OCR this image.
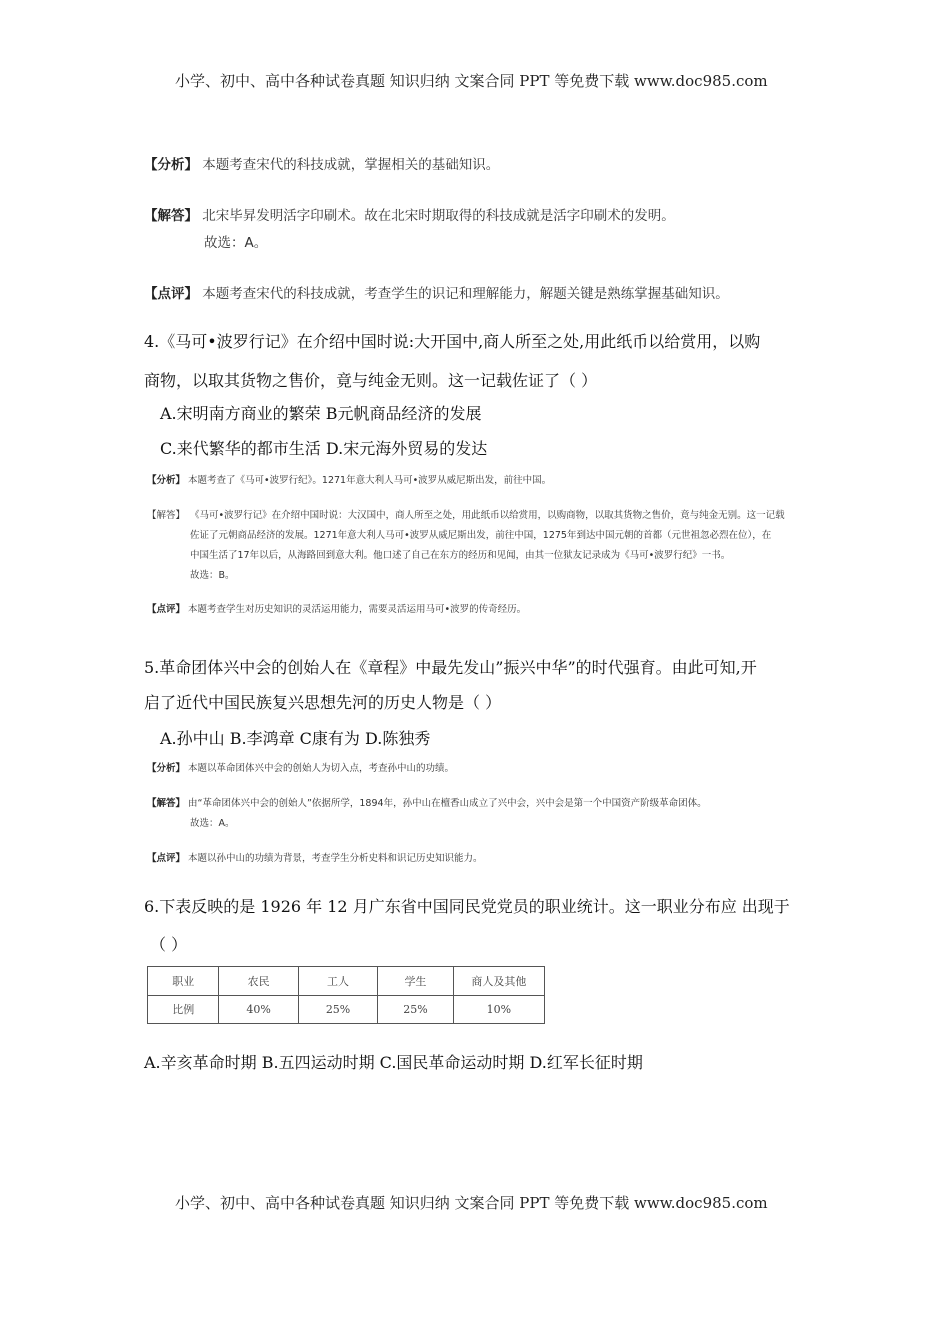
小学、初中、高中各种试卷真题 知识归纳 文案合同 PPT 等免费下载 www.doc985.com
【分析】 本题考查宋代的科技成就，掌握相关的基础知识。
【解答】 北宋毕昇发明活字印刷术。故在北宋时期取得的科技成就是活字印刷术的发明。
故选：A。
【点评】 本题考查宋代的科技成就，考查学生的识记和理解能力，解题关键是熟练掌握基础知识。
4.《马可•波罗行记》在介绍中国时说:大开国中,商人所至之处,用此纸币以给赏用，以购
商物，以取其货物之售价，竟与纯金无则。这一记载佐证了（ ）
A.宋明南方商业的繁荣 B元帆商品经济的发展
C.来代繁华的都市生活 D.宋元海外贸易的发达
【分析】 本题考查了《马可•波罗行纪》。1271年意大利人马可•波罗从威尼斯出发，前往中国。
【解答】 《马可•波罗行记》在介绍中国时说：大汉国中，商人所至之处，用此纸币以给赏用，以购商物，以取其货物之售价，竟与纯金无别。这一记载
佐证了元朝商品经济的发展。1271年意大利人马可•波罗从威尼斯出发，前往中国，1275年到达中国元朝的首都（元世祖忽必烈在位），在
中国生活了17年以后，从海路回到意大利。他口述了自己在东方的经历和见闻，由其一位狱友记录成为《马可•波罗行纪》一书。
故选：B。
【点评】 本题考查学生对历史知识的灵活运用能力，需要灵活运用马可•波罗的传奇经历。
5.革命团体兴中会的创始人在《章程》中最先发山”振兴中华”的时代强育。由此可知,开
启了近代中国民族复兴思想先河的历史人物是（ ）
A.孙中山 B.李鸿章 C康有为 D.陈独秀
【分析】 本题以革命团体兴中会的创始人为切入点，考查孙中山的功绩。
【解答】 由“革命团体兴中会的创始人”依据所学，1894年，孙中山在檀香山成立了兴中会，兴中会是第一个中国资产阶级革命团体。
故选：A。
【点评】 本题以孙中山的功绩为背景，考查学生分析史料和识记历史知识能力。
6.下表反映的是 1926 年 12 月广东省中国同民党党员的职业统计。这一职业分布应 出现于
（ ）
职业	农民	工人	学生	商人及其他
比例	40%	25%	25%	10%
A.辛亥革命时期 B.五四运动时期 C.国民革命运动时期 D.红军长征时期
小学、初中、高中各种试卷真题 知识归纳 文案合同 PPT 等免费下载 www.doc985.com
